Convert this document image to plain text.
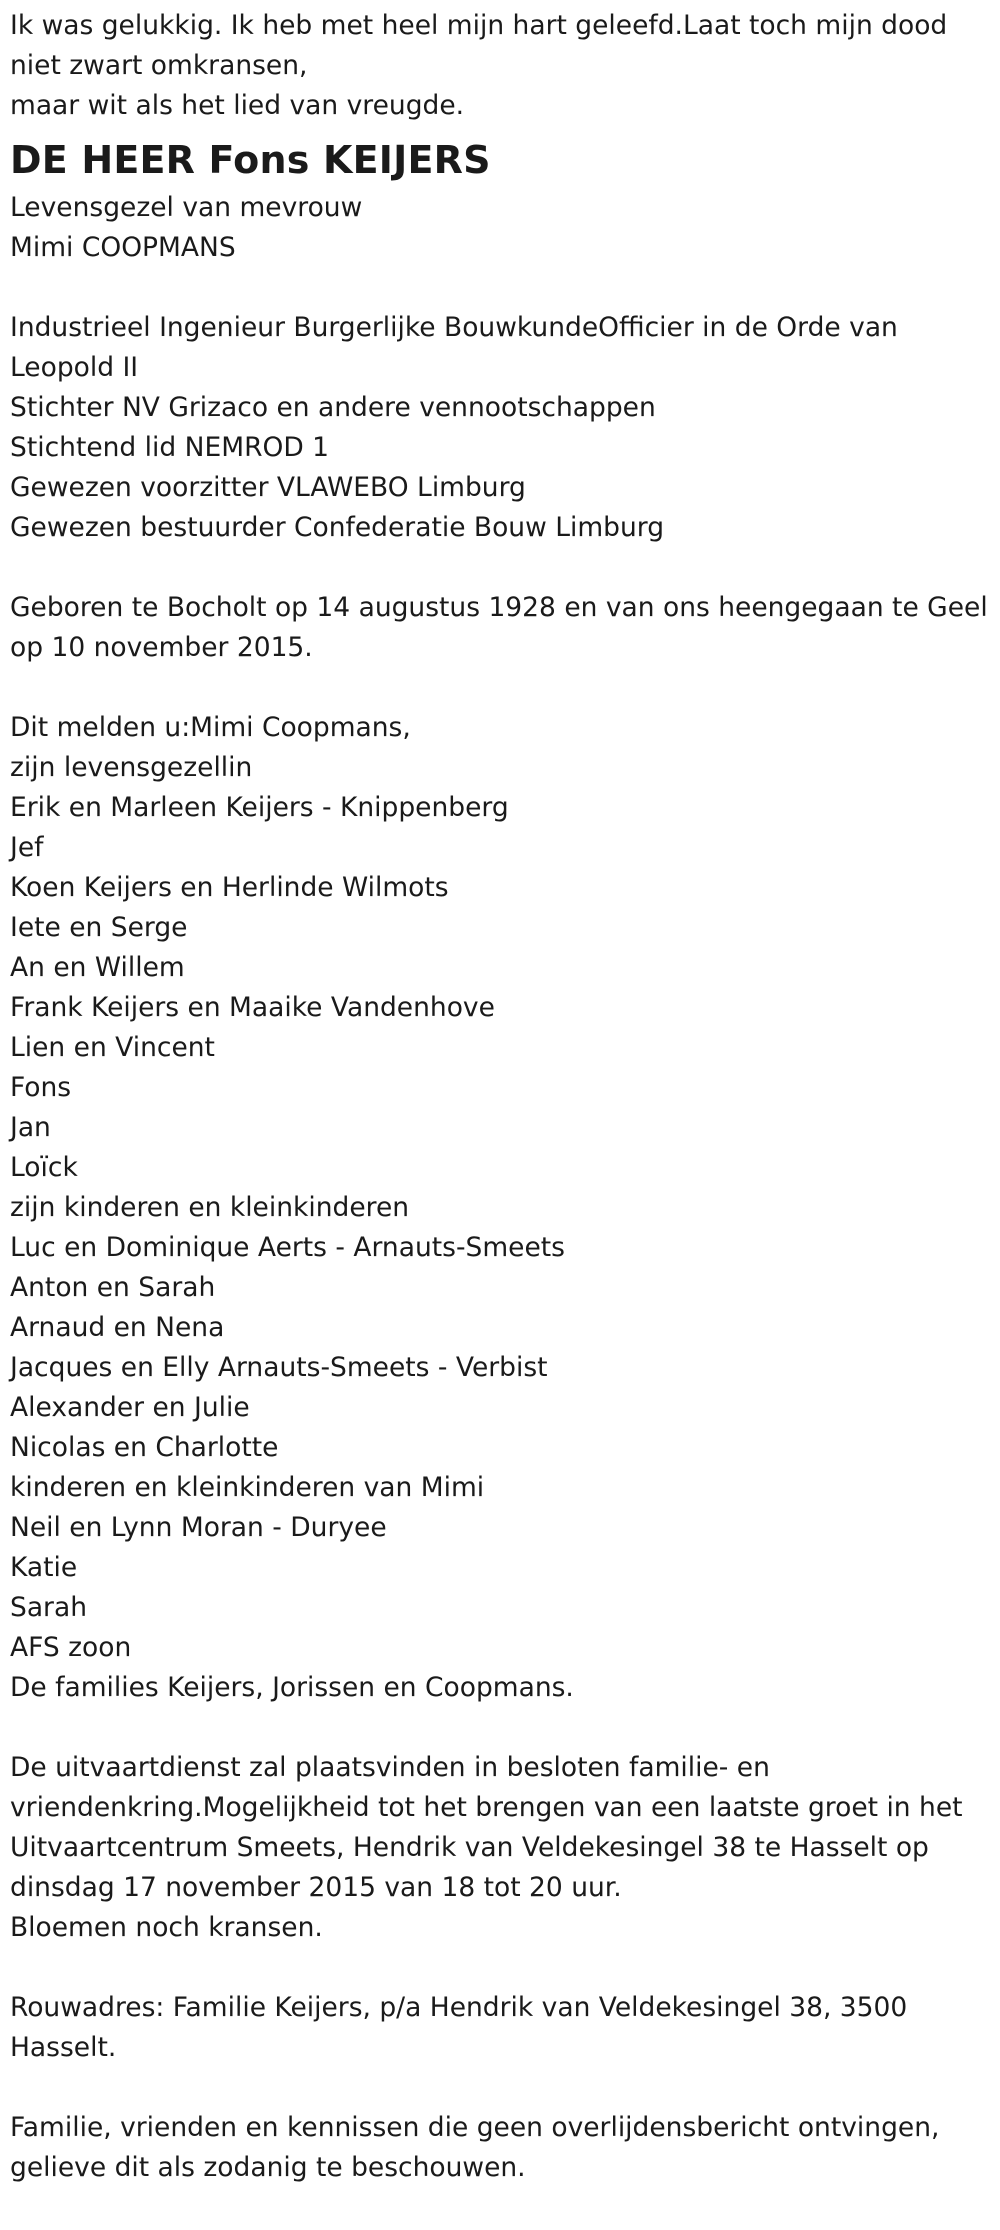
Ik was gelukkig. Ik heb met heel mijn hart geleefd.Laat toch mijn dood
niet zwart omkransen,
maar wit als het lied van vreugde.

DE HEER Fons KEIJERS

Levensgezel van mevrouw
Mimi COOPMANS

Industrieel Ingenieur Burgerlijke BouwkundeOfficier in de Orde van
Leopold II
Stichter NV Grizaco en andere vennootschappen
Stichtend lid NEMROD 1
Gewezen voorzitter VLAWEBO Limburg
Gewezen bestuurder Confederatie Bouw Limburg

Geboren te Bocholt op 14 augustus 1928 en van ons heengegaan te Geel
op 10 november 2015.

Dit melden u:Mimi Coopmans,
zijn levensgezellin
Erik en Marleen Keijers - Knippenberg
Jef
Koen Keijers en Herlinde Wilmots
Iete en Serge
An en Willem
Frank Keijers en Maaike Vandenhove
Lien en Vincent
Fons
Jan
Loïck
zijn kinderen en kleinkinderen
Luc en Dominique Aerts - Arnauts-Smeets
Anton en Sarah
Arnaud en Nena
Jacques en Elly Arnauts-Smeets - Verbist
Alexander en Julie
Nicolas en Charlotte
kinderen en kleinkinderen van Mimi
Neil en Lynn Moran - Duryee
Katie
Sarah
AFS zoon
De families Keijers, Jorissen en Coopmans.

De uitvaartdienst zal plaatsvinden in besloten familie- en
vriendenkring.Mogelijkheid tot het brengen van een laatste groet in het
Uitvaartcentrum Smeets, Hendrik van Veldekesingel 38 te Hasselt op
dinsdag 17 november 2015 van 18 tot 20 uur.
Bloemen noch kransen.

Rouwadres: Familie Keijers, p/a Hendrik van Veldekesingel 38, 3500
Hasselt.

Familie, vrienden en kennissen die geen overlijdensbericht ontvingen,
gelieve dit als zodanig te beschouwen.
